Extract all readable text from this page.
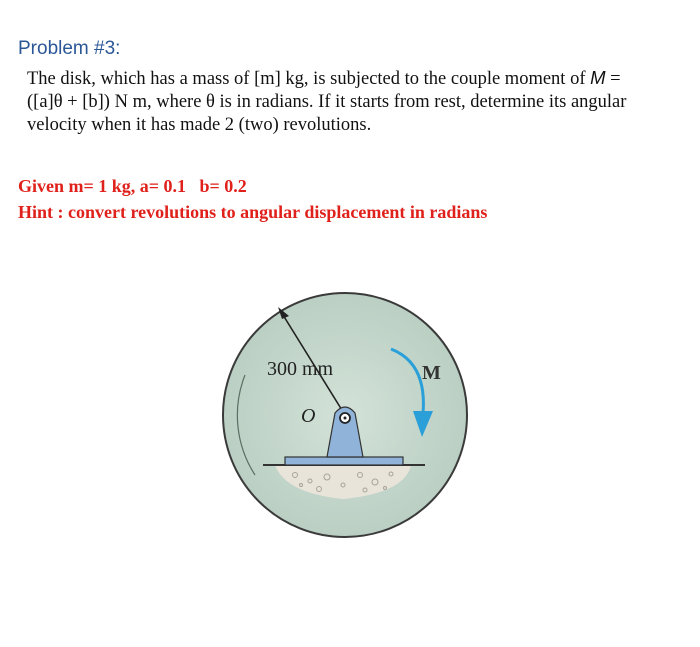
Problem #3:
The disk, which has a mass of [m] kg, is subjected to the couple moment of M =
([a]θ + [b]) N m, where θ is in radians. If it starts from rest, determine its angular
velocity when it has made 2 (two) revolutions.
Given m= 1 kg, a= 0.1   b= 0.2
Hint : convert revolutions to angular displacement in radians
300 mm	M
O
